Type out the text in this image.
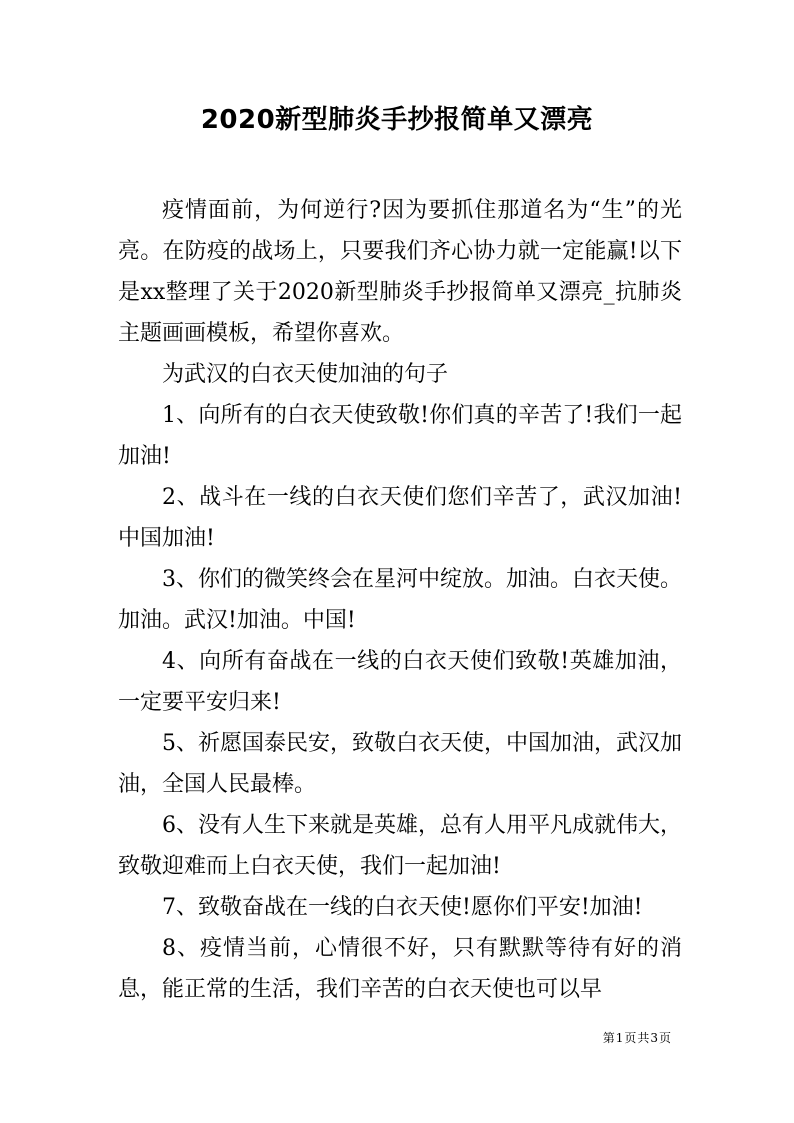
2020新型肺炎手抄报简单又漂亮

疫情面前，为何逆行?因为要抓住那道名为“生”的光亮。在防疫的战场上，只要我们齐心协力就一定能赢!以下是xx整理了关于2020新型肺炎手抄报简单又漂亮_抗肺炎主题画画模板，希望你喜欢。

为武汉的白衣天使加油的句子

1、向所有的白衣天使致敬!你们真的辛苦了!我们一起加油!

2、战斗在一线的白衣天使们您们辛苦了，武汉加油!中国加油!

3、你们的微笑终会在星河中绽放。加油。白衣天使。加油。武汉!加油。中国!

4、向所有奋战在一线的白衣天使们致敬!英雄加油，一定要平安归来!

5、祈愿国泰民安，致敬白衣天使，中国加油，武汉加油，全国人民最棒。

6、没有人生下来就是英雄，总有人用平凡成就伟大，致敬迎难而上白衣天使，我们一起加油!

7、致敬奋战在一线的白衣天使!愿你们平安!加油!

8、疫情当前，心情很不好，只有默默等待有好的消息，能正常的生活，我们辛苦的白衣天使也可以早

第1页共3页
